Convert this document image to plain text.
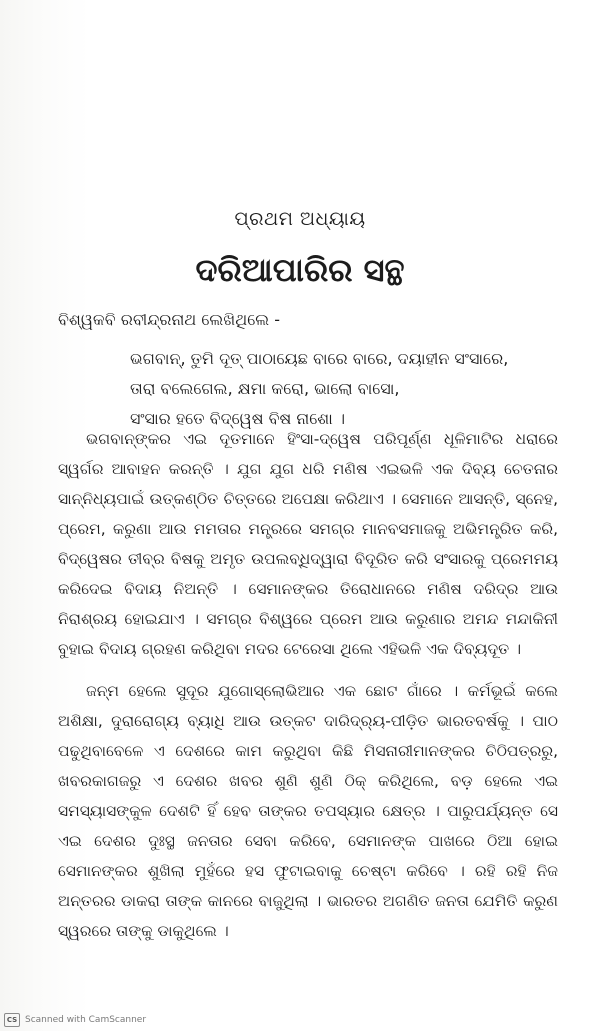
ପ୍ରଥମ ଅଧ୍ୟାୟ
ଦରିଆପାରିର ସନ୍ଥ
ବିଶ୍ୱକବି ରବୀନ୍ଦ୍ରନାଥ ଲେଖିଥିଲେ -
ଭଗବାନ୍, ତୁମି ଦୂତ୍ ପାଠାୟେଛ ବାରେ ବାରେ, ଦୟାହୀନ ସଂସାରେ,
ତାରା ବଲେଗେଲ, କ୍ଷମା କରୋ, ଭାଲୋ ବାସୋ,
ସଂସାର ହତେ ବିଦ୍ୱେଷ ବିଷ ନାଶୋ ।
ଭଗବାନ୍‌ଙ୍କର ଏଇ ଦୂତମାନେ ହିଂସା-ଦ୍ୱେଷ ପରିପୂର୍ଣ୍ଣ ଧୂଳିମାଟିର ଧରାରେ ସ୍ୱର୍ଗର ଆବାହନ କରନ୍ତି । ଯୁଗ ଯୁଗ ଧରି ମଣିଷ ଏଇଭଳି ଏକ ଦିବ୍ୟ ଚେତନାର ସାନ୍ନିଧ୍ୟପାଇଁ ଉତ୍କଣ୍ଠିତ ଚିତ୍ତରେ ଅପେକ୍ଷା କରିଥାଏ । ସେମାନେ ଆସନ୍ତି, ସ୍ନେହ, ପ୍ରେମ, କରୁଣା ଆଉ ମମତାର ମନ୍ତ୍ରରେ ସମଗ୍ର ମାନବସମାଜକୁ ଅଭିମନ୍ତ୍ରିତ କରି, ବିଦ୍ୱେଷର ତୀବ୍ର ବିଷକୁ ଅମୃତ ଉପଲବ୍ଧିଦ୍ୱାରା ବିଦୂରିତ କରି ସଂସାରକୁ ପ୍ରେମମୟ କରିଦେଇ ବିଦାୟ ନିଅନ୍ତି । ସେମାନଙ୍କର ତିରୋଧାନରେ ମଣିଷ ଦରିଦ୍ର ଆଉ ନିରାଶ୍ରୟ ହୋଇଯାଏ । ସମଗ୍ର ବିଶ୍ୱରେ ପ୍ରେମ ଆଉ କରୁଣାର ଅମନ୍ଦ ମନ୍ଦାକିନୀ ବୁହାଇ ବିଦାୟ ଗ୍ରହଣ କରିଥିବା ମଦର ଟେରେସା ଥିଲେ ଏହିଭଳି ଏକ ଦିବ୍ୟଦୂତ ।
ଜନ୍ମ ହେଲେ ସୁଦୂର ଯୁଗୋସ୍ଲୋଭିଆର ଏକ ଛୋଟ ଗାଁରେ । କର୍ମଭୂଇଁ କଲେ ଅଶିକ୍ଷା, ଦୁରାରୋଗ୍ୟ ବ୍ୟାଧି ଆଉ ଉତ୍କଟ ଦାରିଦ୍ର୍ୟ-ପୀଡ଼ିତ ଭାରତବର୍ଷକୁ । ପାଠ ପଢୁଥିବାବେଳେ ଏ ଦେଶରେ କାମ କରୁଥିବା କିଛି ମିସନାରୀମାନଙ୍କର ଚିଠିପତ୍ରରୁ, ଖବରକାଗଜରୁ ଏ ଦେଶର ଖବର ଶୁଣି ଶୁଣି ଠିକ୍ କରିଥିଲେ, ବଡ଼ ହେଲେ ଏଇ ସମସ୍ୟାସଙ୍କୁଳ ଦେଶଟି ହିଁ ହେବ ତାଙ୍କର ତପସ୍ୟାର କ୍ଷେତ୍ର । ପାରୁପର୍ଯ୍ୟନ୍ତ ସେ ଏଇ ଦେଶର ଦୁଃସ୍ଥ ଜନତାର ସେବା କରିବେ, ସେମାନଙ୍କ ପାଖରେ ଠିଆ ହୋଇ ସେମାନଙ୍କର ଶୁଖିଲା ମୁହଁରେ ହସ ଫୁଟାଇବାକୁ ଚେଷ୍ଟା କରିବେ । ରହି ରହି ନିଜ ଅନ୍ତରର ଡାକରା ତାଙ୍କ କାନରେ ବାଜୁଥିଲା । ଭାରତର ଅଗଣିତ ଜନତା ଯେମିତି କରୁଣ ସ୍ୱରରେ ତାଙ୍କୁ ଡାକୁଥିଲେ ।
CS Scanned with CamScanner
